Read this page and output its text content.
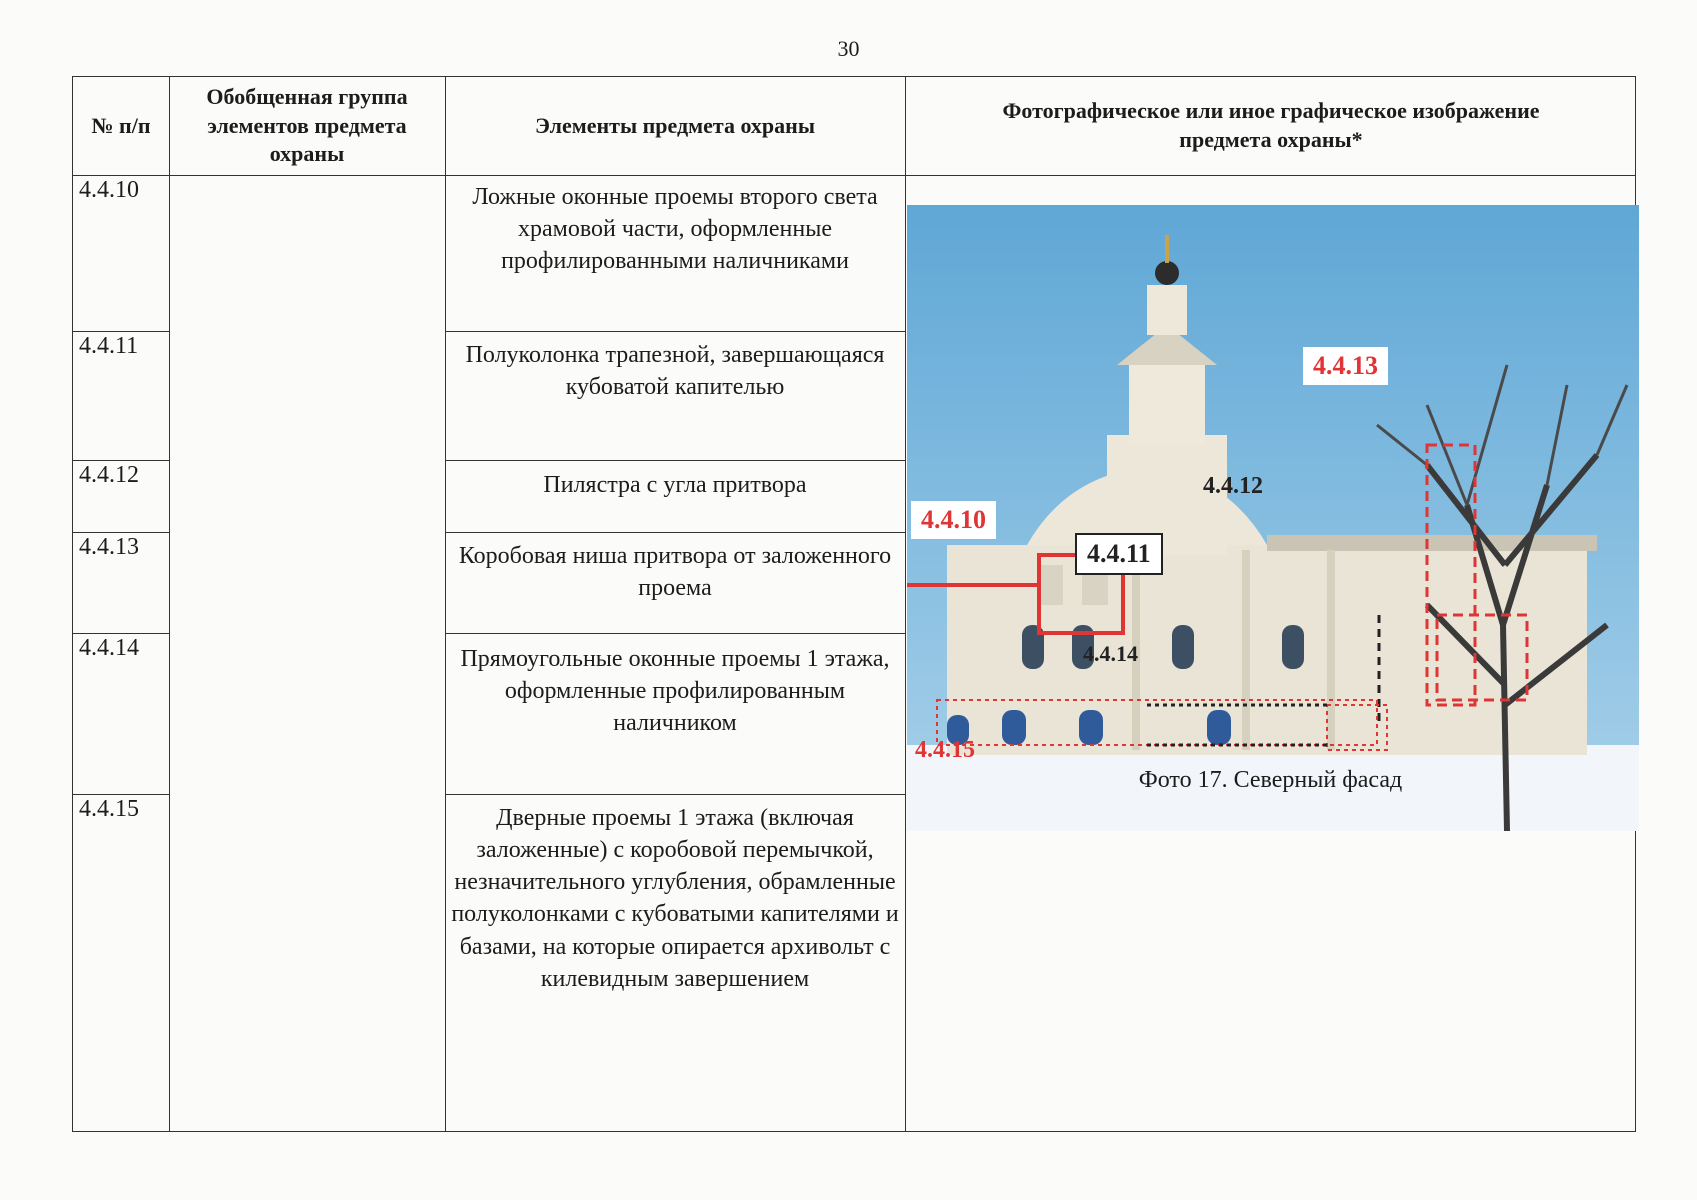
30
№ п/п
Обобщенная группа элементов предмета охраны
Элементы предмета охраны
Фотографическое или иное графическое изображение предмета охраны*
4.4.10
4.4.11
4.4.12
4.4.13
4.4.14
4.4.15
Ложные оконные проемы второго света храмовой части, оформленные профилированными наличниками
Полуколонка трапезной, завершающаяся кубоватой капителью
Пилястра с угла притвора
Коробовая ниша притвора от заложенного проема
Прямоугольные оконные проемы 1 этажа, оформленные профилированным наличником
Дверные проемы 1 этажа (включая заложенные) с коробовой перемычкой, незначительного углубления, обрамленные полуколонками с кубоватыми капителями и базами, на которые опирается архивольт с килевидным завершением
4.4.10
4.4.11
4.4.12
4.4.13
4.4.14
4.4.15
Фото 17. Северный фасад
